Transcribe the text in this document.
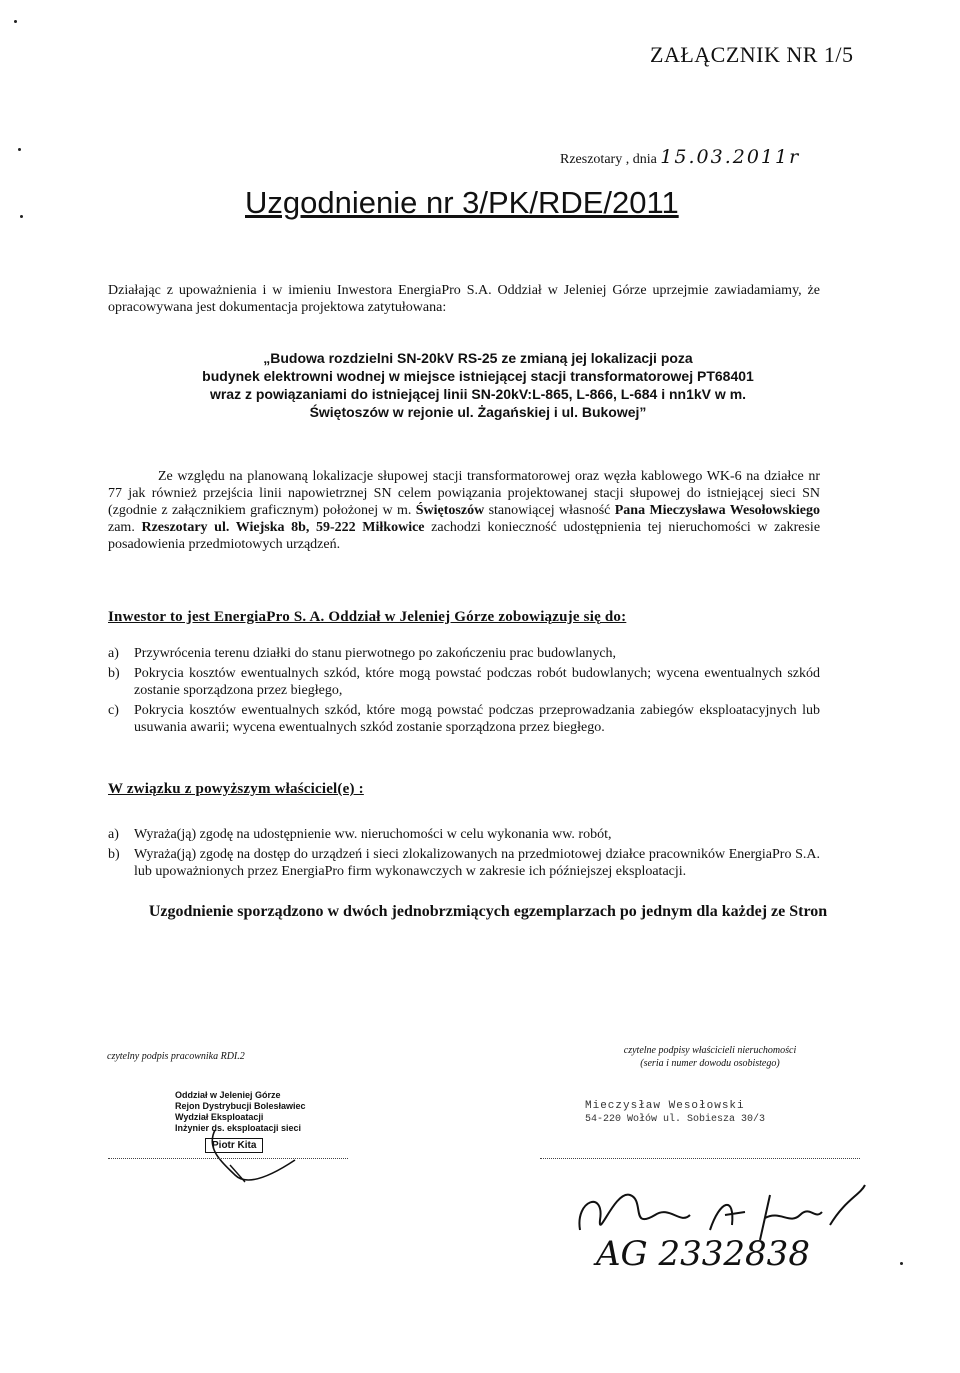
ZAŁĄCZNIK NR 1/5
Rzeszotary , dnia 15.03.2011r
Uzgodnienie nr 3/PK/RDE/2011
Działając z upoważnienia i w imieniu Inwestora EnergiaPro S.A. Oddział w Jeleniej Górze uprzejmie zawiadamiamy, że opracowywana jest dokumentacja projektowa zatytułowana:
„Budowa rozdzielni SN-20kV RS-25 ze zmianą jej lokalizacji poza
budynek elektrowni wodnej w miejsce istniejącej stacji transformatorowej PT68401
wraz z powiązaniami do istniejącej linii SN-20kV:L-865, L-866, L-684 i nn1kV w m.
Świętoszów w rejonie ul. Żagańskiej i ul. Bukowej”
Ze względu na planowaną lokalizacje słupowej stacji transformatorowej oraz węzła kablowego WK-6 na działce nr 77 jak również przejścia linii napowietrznej SN celem powiązania projektowanej stacji słupowej do istniejącej sieci SN (zgodnie z załącznikiem graficznym) położonej w m. Świętoszów stanowiącej własność Pana Mieczysława Wesołowskiego zam. Rzeszotary ul. Wiejska 8b, 59-222 Miłkowice zachodzi konieczność udostępnienia tej nieruchomości w zakresie posadowienia przedmiotowych urządzeń.
Inwestor to jest EnergiaPro S. A. Oddział w Jeleniej Górze zobowiązuje się do:
a)	Przywrócenia terenu działki do stanu pierwotnego po zakończeniu prac budowlanych,
b)	Pokrycia kosztów ewentualnych szkód, które mogą powstać podczas robót budowlanych; wycena ewentualnych szkód zostanie sporządzona przez biegłego,
c)	Pokrycia kosztów ewentualnych szkód, które mogą powstać podczas przeprowadzania zabiegów eksploatacyjnych lub usuwania awarii; wycena ewentualnych szkód zostanie sporządzona przez biegłego.
W związku z powyższym właściciel(e) :
a)	Wyraża(ją) zgodę na udostępnienie ww. nieruchomości w celu wykonania ww. robót,
b)	Wyraża(ją) zgodę na dostęp do urządzeń i sieci zlokalizowanych na przedmiotowej działce pracowników EnergiaPro S.A. lub upoważnionych przez EnergiaPro firm wykonawczych w zakresie ich późniejszej eksploatacji.
Uzgodnienie sporządzono w dwóch jednobrzmiących egzemplarzach po jednym dla każdej ze Stron
czytelny podpis pracownika RDI.2
czytelne podpisy właścicieli nieruchomości
(seria i numer dowodu osobistego)
Oddział w Jeleniej Górze
Rejon Dystrybucji Bolesławiec
Wydział Eksploatacji
Inżynier ds. eksploatacji sieci
Piotr Kita
Mieczysław Wesołowski
54-220 Wołów ul. Sobiesza 30/3
AG 2332838
